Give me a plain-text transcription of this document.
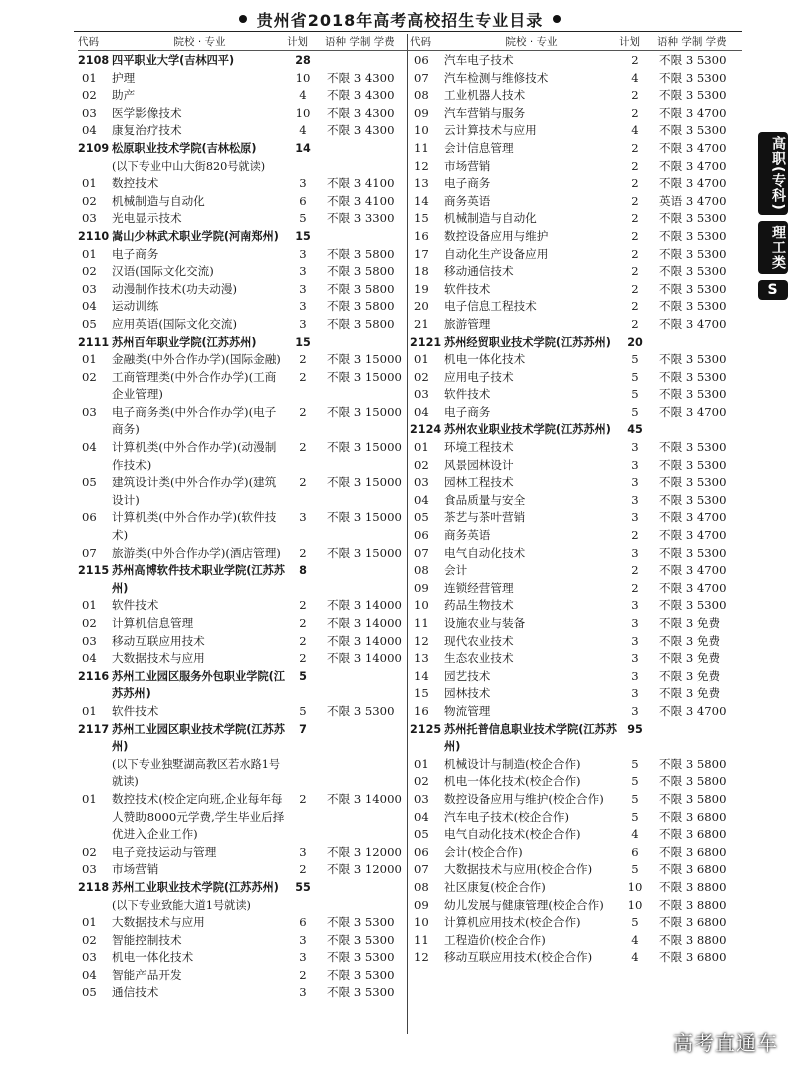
贵州省2018年高考高校招生专业目录
代码	院校 · 专业	计划	语种 学制 学费
2108 四平职业大学(吉林四平)	28
01	护理	10	不限 3 4300
02	助产	4	不限 3 4300
03	医学影像技术	10	不限 3 4300
04	康复治疗技术	4	不限 3 4300
2109 松原职业技术学院(吉林松原)	14
(以下专业中山大街820号就读)
01	数控技术	3	不限 3 4100
02	机械制造与自动化	6	不限 3 4100
03	光电显示技术	5	不限 3 3300
2110 嵩山少林武术职业学院(河南郑州)	15
01	电子商务	3	不限 3 5800
02	汉语(国际文化交流)	3	不限 3 5800
03	动漫制作技术(功夫动漫)	3	不限 3 5800
04	运动训练	3	不限 3 5800
05	应用英语(国际文化交流)	3	不限 3 5800
2111 苏州百年职业学院(江苏苏州)	15
01	金融类(中外合作办学)(国际金融)	2	不限 3 15000
02	工商管理类(中外合作办学)(工商企业管理)
2	不限 3 15000
03	电子商务类(中外合作办学)(电子商务)
2	不限 3 15000
04	计算机类(中外合作办学)(动漫制作技术)
2	不限 3 15000
05	建筑设计类(中外合作办学)(建筑设计)
2	不限 3 15000
06	计算机类(中外合作办学)(软件技术)
3	不限 3 15000
07	旅游类(中外合作办学)(酒店管理)	2	不限 3 15000
2115 苏州高博软件技术职业学院(江苏苏州)
8
01	软件技术	2	不限 3 14000
02	计算机信息管理	2	不限 3 14000
03	移动互联应用技术	2	不限 3 14000
04	大数据技术与应用	2	不限 3 14000
2116 苏州工业园区服务外包职业学院(江苏苏州)
5
01	软件技术	5	不限 3 5300
2117 苏州工业园区职业技术学院(江苏苏州)
7
(以下专业独墅湖高教区若水路1号就读)
01	数控技术(校企定向班,企业每年每人赞助8000元学费,学生毕业后择优进入企业工作)
2	不限 3 14000
02	电子竞技运动与管理	3	不限 3 12000
03	市场营销	2	不限 3 12000
2118 苏州工业职业技术学院(江苏苏州)	55
(以下专业致能大道1号就读)
01	大数据技术与应用	6	不限 3 5300
02	智能控制技术	3	不限 3 5300
03	机电一体化技术	3	不限 3 5300
04	智能产品开发	2	不限 3 5300
05	通信技术	3	不限 3 5300
代码	院校 · 专业	计划	语种 学制 学费
06	汽车电子技术	2	不限 3 5300
07	汽车检测与维修技术	4	不限 3 5300
08	工业机器人技术	2	不限 3 5300
09	汽车营销与服务	2	不限 3 4700
10	云计算技术与应用	4	不限 3 5300
11	会计信息管理	2	不限 3 4700
12	市场营销	2	不限 3 4700
13	电子商务	2	不限 3 4700
14	商务英语	2	英语 3 4700
15	机械制造与自动化	2	不限 3 5300
16	数控设备应用与维护	2	不限 3 5300
17	自动化生产设备应用	2	不限 3 5300
18	移动通信技术	2	不限 3 5300
19	软件技术	2	不限 3 5300
20	电子信息工程技术	2	不限 3 5300
21	旅游管理	2	不限 3 4700
2121 苏州经贸职业技术学院(江苏苏州)	20
01	机电一体化技术	5	不限 3 5300
02	应用电子技术	5	不限 3 5300
03	软件技术	5	不限 3 5300
04	电子商务	5	不限 3 4700
2124 苏州农业职业技术学院(江苏苏州)	45
01	环境工程技术	3	不限 3 5300
02	风景园林设计	3	不限 3 5300
03	园林工程技术	3	不限 3 5300
04	食品质量与安全	3	不限 3 5300
05	茶艺与茶叶营销	3	不限 3 4700
06	商务英语	2	不限 3 4700
07	电气自动化技术	3	不限 3 5300
08	会计	2	不限 3 4700
09	连锁经营管理	2	不限 3 4700
10	药品生物技术	3	不限 3 5300
11	设施农业与装备	3	不限 3 免费
12	现代农业技术	3	不限 3 免费
13	生态农业技术	3	不限 3 免费
14	园艺技术	3	不限 3 免费
15	园林技术	3	不限 3 免费
16	物流管理	3	不限 3 4700
2125 苏州托普信息职业技术学院(江苏苏州)
95
01	机械设计与制造(校企合作)	5	不限 3 5800
02	机电一体化技术(校企合作)	5	不限 3 5800
03	数控设备应用与维护(校企合作)	5	不限 3 5800
04	汽车电子技术(校企合作)	5	不限 3 6800
05	电气自动化技术(校企合作)	4	不限 3 6800
06	会计(校企合作)	6	不限 3 6800
07	大数据技术与应用(校企合作)	5	不限 3 6800
08	社区康复(校企合作)	10	不限 3 8800
09	幼儿发展与健康管理(校企合作)	10	不限 3 8800
10	计算机应用技术(校企合作)	5	不限 3 6800
11	工程造价(校企合作)	4	不限 3 8800
12	移动互联应用技术(校企合作)	4	不限 3 6800
高职(专科)
理工类
S
高考直通车
